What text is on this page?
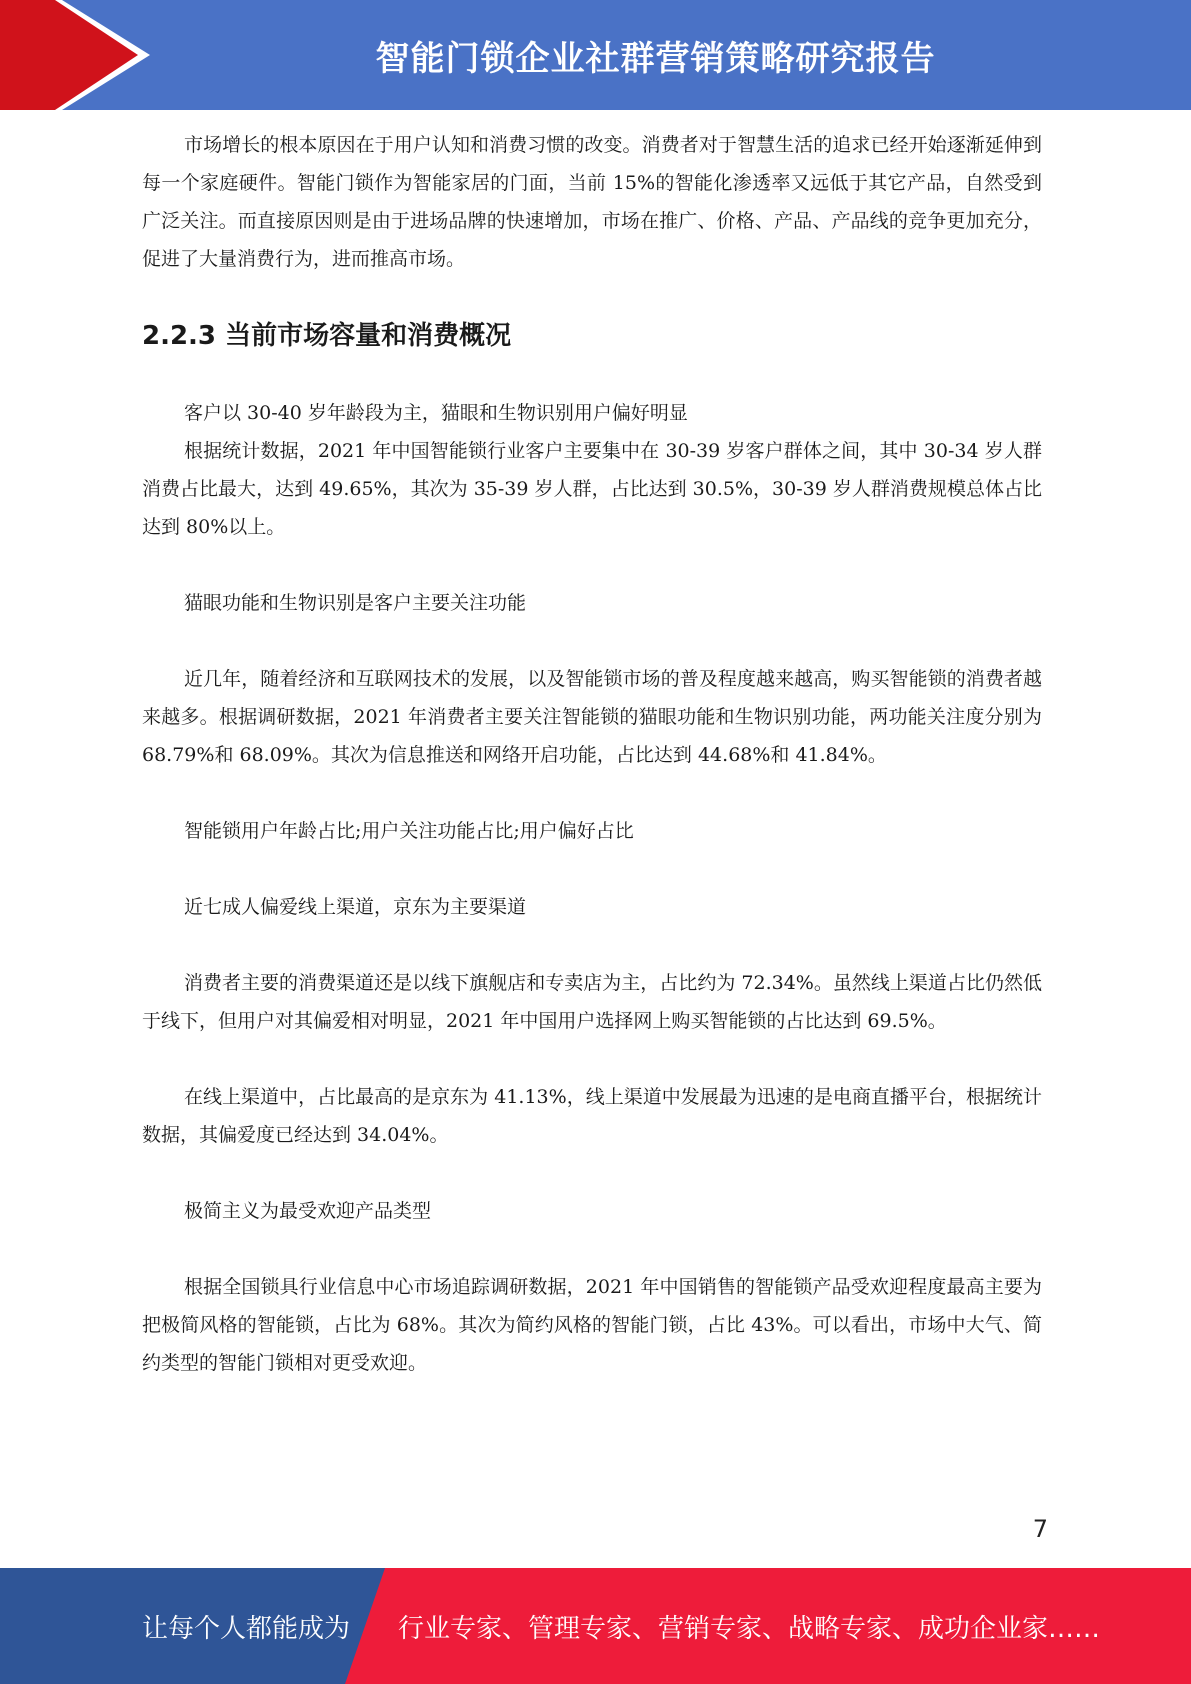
智能门锁企业社群营销策略研究报告

市场增长的根本原因在于用户认知和消费习惯的改变。消费者对于智慧生活的追求已经开始逐渐延伸到每一个家庭硬件。智能门锁作为智能家居的门面，当前 15%的智能化渗透率又远低于其它产品，自然受到广泛关注。而直接原因则是由于进场品牌的快速增加，市场在推广、价格、产品、产品线的竞争更加充分，促进了大量消费行为，进而推高市场。

2.2.3 当前市场容量和消费概况

客户以 30-40 岁年龄段为主，猫眼和生物识别用户偏好明显

根据统计数据，2021 年中国智能锁行业客户主要集中在 30-39 岁客户群体之间，其中 30-34 岁人群消费占比最大，达到 49.65%，其次为 35-39 岁人群，占比达到 30.5%，30-39 岁人群消费规模总体占比达到 80%以上。

猫眼功能和生物识别是客户主要关注功能

近几年，随着经济和互联网技术的发展，以及智能锁市场的普及程度越来越高，购买智能锁的消费者越来越多。根据调研数据，2021 年消费者主要关注智能锁的猫眼功能和生物识别功能，两功能关注度分别为 68.79%和 68.09%。其次为信息推送和网络开启功能，占比达到 44.68%和 41.84%。

智能锁用户年龄占比;用户关注功能占比;用户偏好占比

近七成人偏爱线上渠道，京东为主要渠道

消费者主要的消费渠道还是以线下旗舰店和专卖店为主，占比约为 72.34%。虽然线上渠道占比仍然低于线下，但用户对其偏爱相对明显，2021 年中国用户选择网上购买智能锁的占比达到 69.5%。

在线上渠道中，占比最高的是京东为 41.13%，线上渠道中发展最为迅速的是电商直播平台，根据统计数据，其偏爱度已经达到 34.04%。

极简主义为最受欢迎产品类型

根据全国锁具行业信息中心市场追踪调研数据，2021 年中国销售的智能锁产品受欢迎程度最高主要为把极简风格的智能锁，占比为 68%。其次为简约风格的智能门锁，占比 43%。可以看出，市场中大气、简约类型的智能门锁相对更受欢迎。

7
让每个人都能成为 行业专家、管理专家、营销专家、战略专家、成功企业家……
